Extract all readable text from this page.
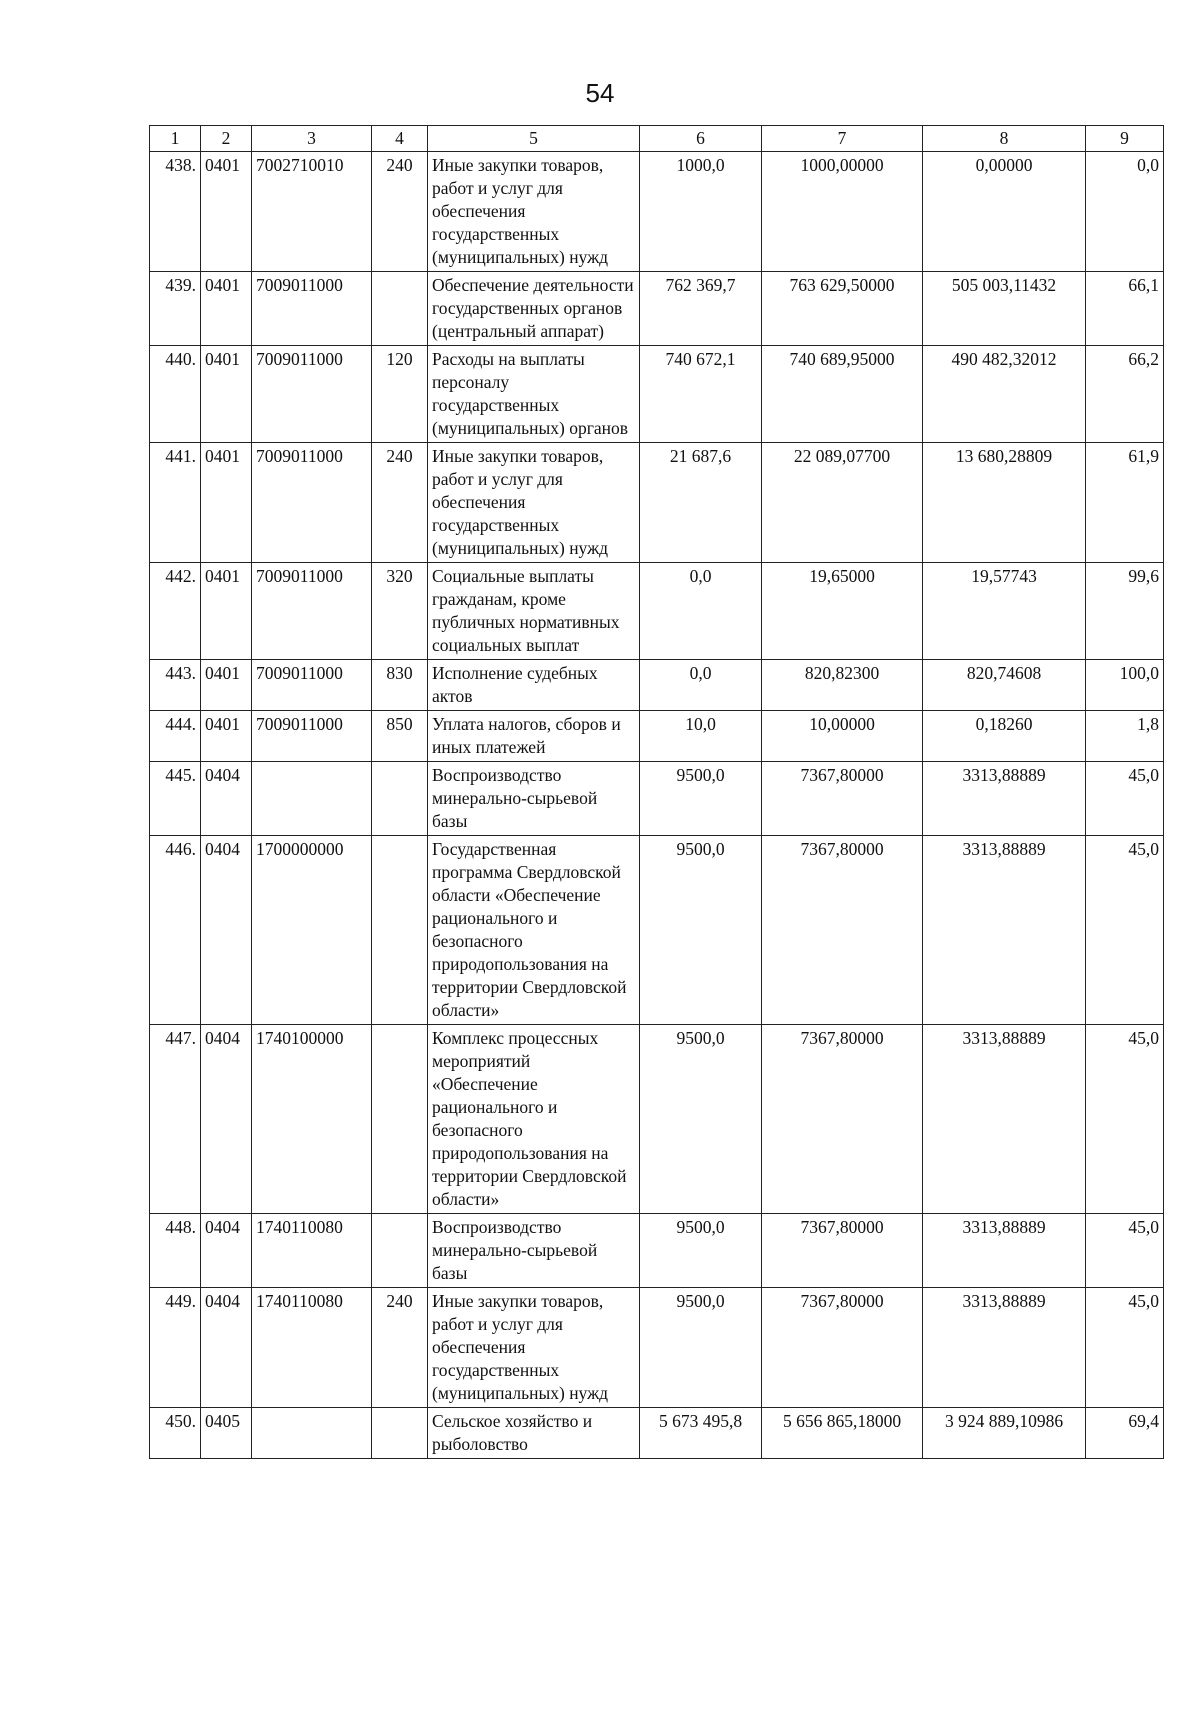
54
1	2	3	4	5	6	7	8	9
438.	0401	7002710010	240	Иные закупки товаров, работ и услуг для обеспечения государственных (муниципальных) нужд	1000,0	1000,00000	0,00000	0,0
439.	0401	7009011000		Обеспечение деятельности государственных органов (центральный аппарат)	762 369,7	763 629,50000	505 003,11432	66,1
440.	0401	7009011000	120	Расходы на выплаты персоналу государственных (муниципальных) органов	740 672,1	740 689,95000	490 482,32012	66,2
441.	0401	7009011000	240	Иные закупки товаров, работ и услуг для обеспечения государственных (муниципальных) нужд	21 687,6	22 089,07700	13 680,28809	61,9
442.	0401	7009011000	320	Социальные выплаты гражданам, кроме публичных нормативных социальных выплат	0,0	19,65000	19,57743	99,6
443.	0401	7009011000	830	Исполнение судебных актов	0,0	820,82300	820,74608	100,0
444.	0401	7009011000	850	Уплата налогов, сборов и иных платежей	10,0	10,00000	0,18260	1,8
445.	0404			Воспроизводство минерально-сырьевой базы	9500,0	7367,80000	3313,88889	45,0
446.	0404	1700000000		Государственная программа Свердловской области «Обеспечение рационального и безопасного природопользования на территории Свердловской области»	9500,0	7367,80000	3313,88889	45,0
447.	0404	1740100000		Комплекс процессных мероприятий «Обеспечение рационального и безопасного природопользования на территории Свердловской области»	9500,0	7367,80000	3313,88889	45,0
448.	0404	1740110080		Воспроизводство минерально-сырьевой базы	9500,0	7367,80000	3313,88889	45,0
449.	0404	1740110080	240	Иные закупки товаров, работ и услуг для обеспечения государственных (муниципальных) нужд	9500,0	7367,80000	3313,88889	45,0
450.	0405			Сельское хозяйство и рыболовство	5 673 495,8	5 656 865,18000	3 924 889,10986	69,4
